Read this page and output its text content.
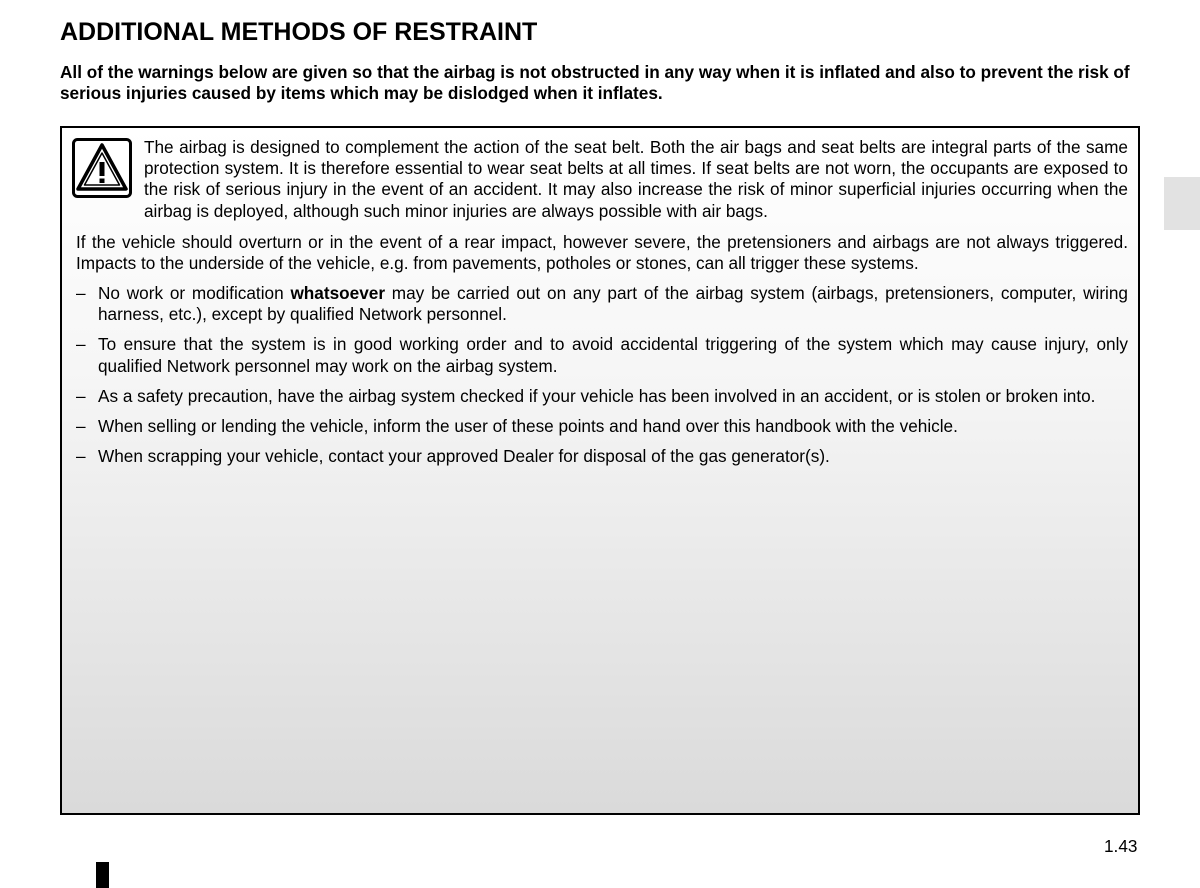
ADDITIONAL METHODS OF RESTRAINT

All of the warnings below are given so that the airbag is not obstructed in any way when it is inflated and also to prevent the risk of serious injuries caused by items which may be dislodged when it inflates.

The airbag is designed to complement the action of the seat belt. Both the air bags and seat belts are integral parts of the same protection system. It is therefore essential to wear seat belts at all times. If seat belts are not worn, the occupants are exposed to the risk of serious injury in the event of an accident. It may also increase the risk of minor superficial injuries occurring when the airbag is deployed, although such minor injuries are always possible with air bags.

If the vehicle should overturn or in the event of a rear impact, however severe, the pretensioners and airbags are not always triggered. Impacts to the underside of the vehicle, e.g. from pavements, potholes or stones, can all trigger these systems.

– No work or modification whatsoever may be carried out on any part of the airbag system (airbags, pretensioners, computer, wiring harness, etc.), except by qualified Network personnel.
– To ensure that the system is in good working order and to avoid accidental triggering of the system which may cause injury, only qualified Network personnel may work on the airbag system.
– As a safety precaution, have the airbag system checked if your vehicle has been involved in an accident, or is stolen or broken into.
– When selling or lending the vehicle, inform the user of these points and hand over this handbook with the vehicle.
– When scrapping your vehicle, contact your approved Dealer for disposal of the gas generator(s).
1.43
